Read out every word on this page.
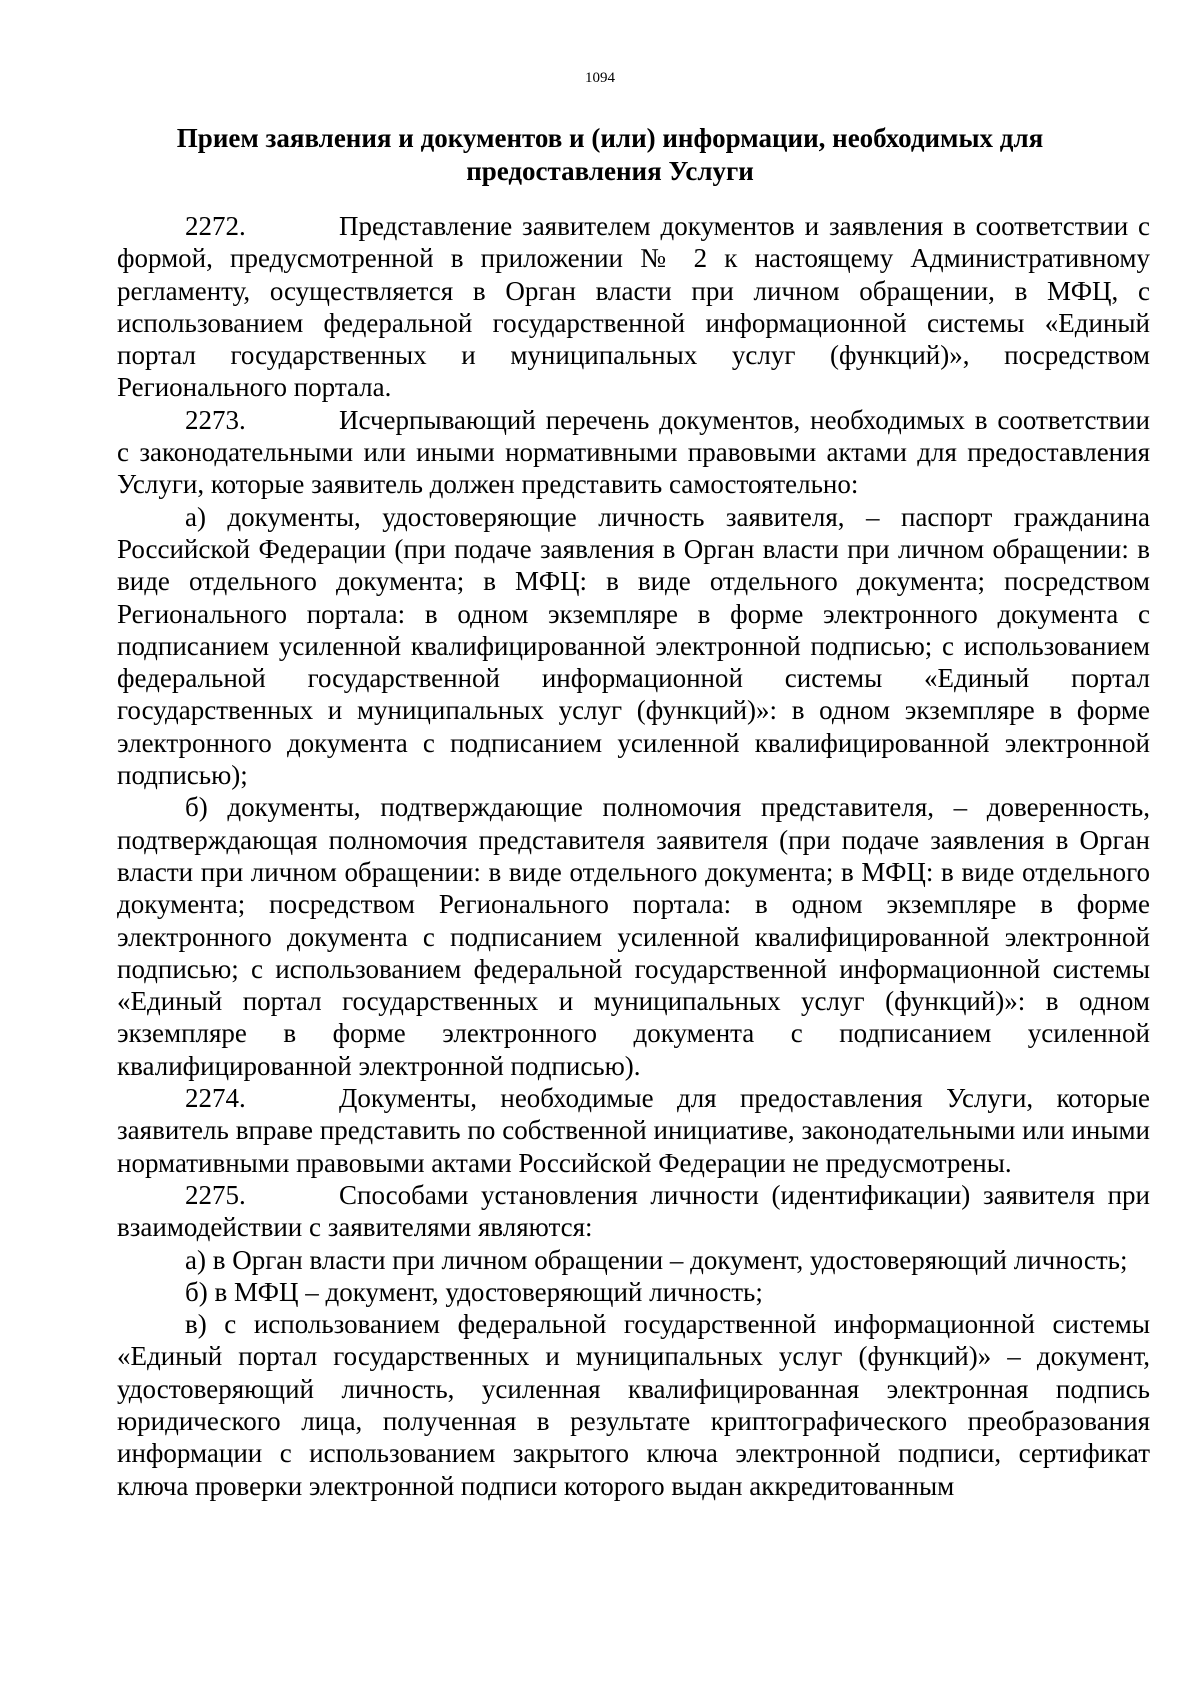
1094
Прием заявления и документов и (или) информации, необходимых для предоставления Услуги

2272.	Представление заявителем документов и заявления в соответствии с формой, предусмотренной в приложении № 2 к настоящему Административному регламенту, осуществляется в Орган власти при личном обращении, в МФЦ, с использованием федеральной государственной информационной системы «Единый портал государственных и муниципальных услуг (функций)», посредством Регионального портала.

2273.	Исчерпывающий перечень документов, необходимых в соответствии с законодательными или иными нормативными правовыми актами для предоставления Услуги, которые заявитель должен представить самостоятельно:

а) документы, удостоверяющие личность заявителя, – паспорт гражданина Российской Федерации (при подаче заявления в Орган власти при личном обращении: в виде отдельного документа; в МФЦ: в виде отдельного документа; посредством Регионального портала: в одном экземпляре в форме электронного документа с подписанием усиленной квалифицированной электронной подписью; с использованием федеральной государственной информационной системы «Единый портал государственных и муниципальных услуг (функций)»: в одном экземпляре в форме электронного документа с подписанием усиленной квалифицированной электронной подписью);

б) документы, подтверждающие полномочия представителя, – доверенность, подтверждающая полномочия представителя заявителя (при подаче заявления в Орган власти при личном обращении: в виде отдельного документа; в МФЦ: в виде отдельного документа; посредством Регионального портала: в одном экземпляре в форме электронного документа с подписанием усиленной квалифицированной электронной подписью; с использованием федеральной государственной информационной системы «Единый портал государственных и муниципальных услуг (функций)»: в одном экземпляре в форме электронного документа с подписанием усиленной квалифицированной электронной подписью).

2274.	Документы, необходимые для предоставления Услуги, которые заявитель вправе представить по собственной инициативе, законодательными или иными нормативными правовыми актами Российской Федерации не предусмотрены.

2275.	Способами установления личности (идентификации) заявителя при взаимодействии с заявителями являются:

а) в Орган власти при личном обращении – документ, удостоверяющий личность;

б) в МФЦ – документ, удостоверяющий личность;

в) с использованием федеральной государственной информационной системы «Единый портал государственных и муниципальных услуг (функций)» – документ, удостоверяющий личность, усиленная квалифицированная электронная подпись юридического лица, полученная в результате криптографического преобразования информации с использованием закрытого ключа электронной подписи, сертификат ключа проверки электронной подписи которого выдан аккредитованным
